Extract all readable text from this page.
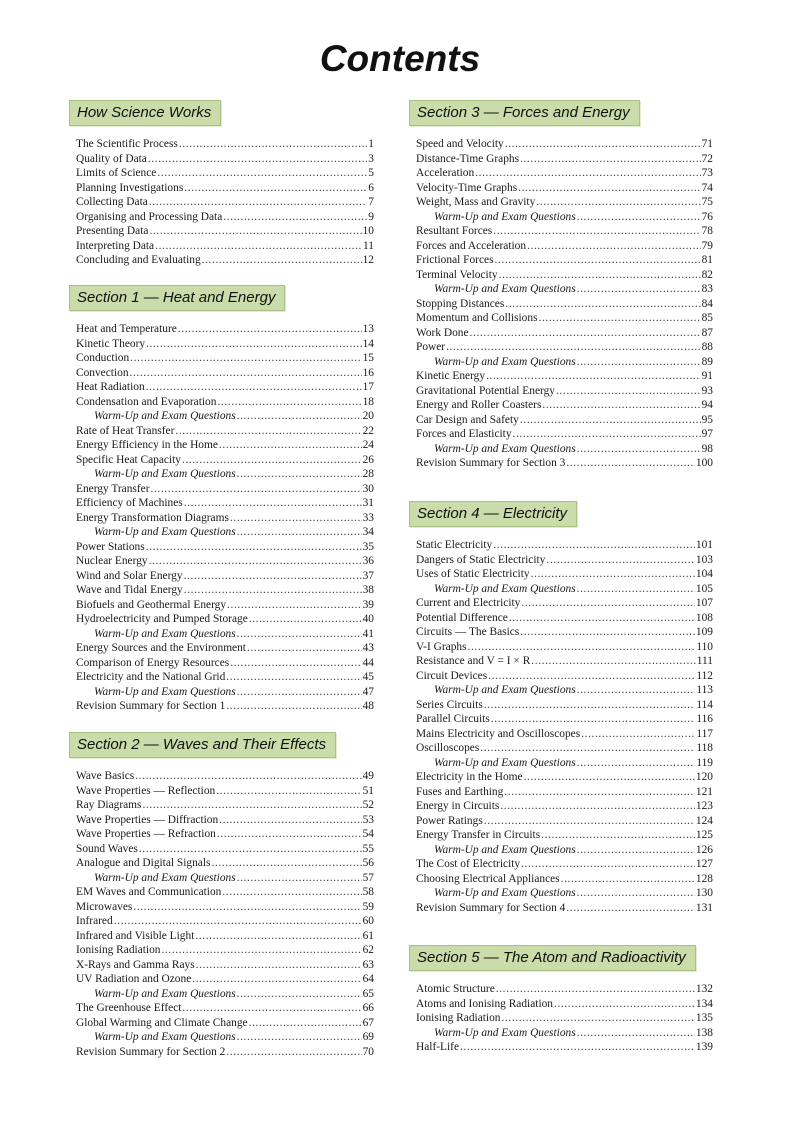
Contents
How Science Works
The Scientific Process .....	1
Quality of Data .....	3
Limits of Science .....	5
Planning Investigations .....	6
Collecting Data .....	7
Organising and Processing Data .....	9
Presenting Data .....	10
Interpreting Data .....	11
Concluding and Evaluating .....	12
Section 1 — Heat and Energy
Heat and Temperature .....	13
Kinetic Theory .....	14
Conduction .....	15
Convection .....	16
Heat Radiation .....	17
Condensation and Evaporation .....	18
Warm-Up and Exam Questions .....	20
Rate of Heat Transfer .....	22
Energy Efficiency in the Home .....	24
Specific Heat Capacity .....	26
Warm-Up and Exam Questions .....	28
Energy Transfer .....	30
Efficiency of Machines .....	31
Energy Transformation Diagrams .....	33
Warm-Up and Exam Questions .....	34
Power Stations .....	35
Nuclear Energy .....	36
Wind and Solar Energy .....	37
Wave and Tidal Energy .....	38
Biofuels and Geothermal Energy .....	39
Hydroelectricity and Pumped Storage .....	40
Warm-Up and Exam Questions .....	41
Energy Sources and the Environment .....	43
Comparison of Energy Resources .....	44
Electricity and the National Grid .....	45
Warm-Up and Exam Questions .....	47
Revision Summary for Section 1 .....	48
Section 2 — Waves and Their Effects
Wave Basics .....	49
Wave Properties — Reflection .....	51
Ray Diagrams .....	52
Wave Properties — Diffraction .....	53
Wave Properties — Refraction .....	54
Sound Waves .....	55
Analogue and Digital Signals .....	56
Warm-Up and Exam Questions .....	57
EM Waves and Communication .....	58
Microwaves .....	59
Infrared .....	60
Infrared and Visible Light .....	61
Ionising Radiation .....	62
X-Rays and Gamma Rays .....	63
UV Radiation and Ozone .....	64
Warm-Up and Exam Questions .....	65
The Greenhouse Effect .....	66
Global Warming and Climate Change .....	67
Warm-Up and Exam Questions .....	69
Revision Summary for Section 2 .....	70
Section 3 — Forces and Energy
Speed and Velocity .....	71
Distance-Time Graphs .....	72
Acceleration .....	73
Velocity-Time Graphs .....	74
Weight, Mass and Gravity .....	75
Warm-Up and Exam Questions .....	76
Resultant Forces .....	78
Forces and Acceleration .....	79
Frictional Forces .....	81
Terminal Velocity .....	82
Warm-Up and Exam Questions .....	83
Stopping Distances .....	84
Momentum and Collisions .....	85
Work Done .....	87
Power .....	88
Warm-Up and Exam Questions .....	89
Kinetic Energy .....	91
Gravitational Potential Energy .....	93
Energy and Roller Coasters .....	94
Car Design and Safety .....	95
Forces and Elasticity .....	97
Warm-Up and Exam Questions .....	98
Revision Summary for Section 3 .....	100
Section 4 — Electricity
Static Electricity .....	101
Dangers of Static Electricity .....	103
Uses of Static Electricity .....	104
Warm-Up and Exam Questions .....	105
Current and Electricity .....	107
Potential Difference .....	108
Circuits — The Basics .....	109
V-I Graphs .....	110
Resistance and V = I × R .....	111
Circuit Devices .....	112
Warm-Up and Exam Questions .....	113
Series Circuits .....	114
Parallel Circuits .....	116
Mains Electricity and Oscilloscopes .....	117
Oscilloscopes .....	118
Warm-Up and Exam Questions .....	119
Electricity in the Home .....	120
Fuses and Earthing .....	121
Energy in Circuits .....	123
Power Ratings .....	124
Energy Transfer in Circuits .....	125
Warm-Up and Exam Questions .....	126
The Cost of Electricity .....	127
Choosing Electrical Appliances .....	128
Warm-Up and Exam Questions .....	130
Revision Summary for Section 4 .....	131
Section 5 — The Atom and Radioactivity
Atomic Structure .....	132
Atoms and Ionising Radiation .....	134
Ionising Radiation .....	135
Warm-Up and Exam Questions .....	138
Half-Life .....	139
